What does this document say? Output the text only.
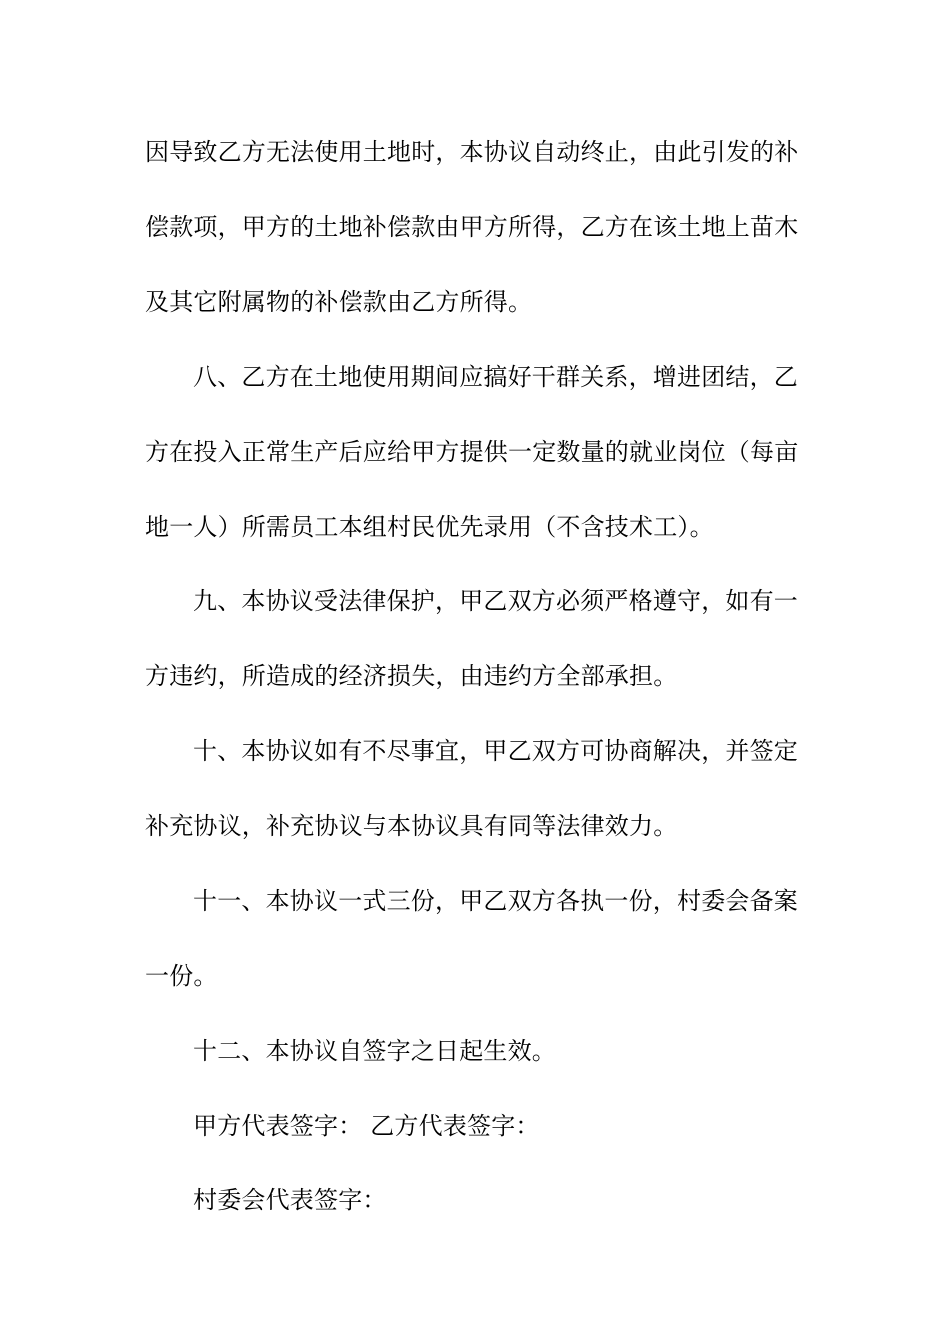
因导致乙方无法使用土地时，本协议自动终止，由此引发的补
偿款项，甲方的土地补偿款由甲方所得，乙方在该土地上苗木
及其它附属物的补偿款由乙方所得。
八、乙方在土地使用期间应搞好干群关系，增进团结，乙
方在投入正常生产后应给甲方提供一定数量的就业岗位（每亩
地一人）所需员工本组村民优先录用（不含技术工）。
九、本协议受法律保护，甲乙双方必须严格遵守，如有一
方违约，所造成的经济损失，由违约方全部承担。
十、本协议如有不尽事宜，甲乙双方可协商解决，并签定
补充协议，补充协议与本协议具有同等法律效力。
十一、本协议一式三份，甲乙双方各执一份，村委会备案
一份。
十二、本协议自签字之日起生效。
甲方代表签字： 乙方代表签字：
村委会代表签字：
